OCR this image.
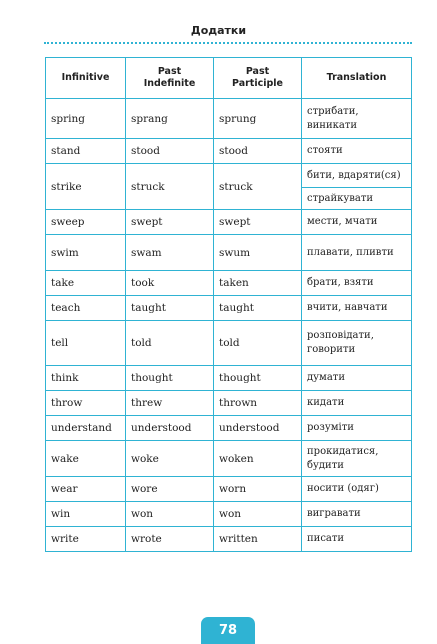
Додатки
Infinitive	Past Indefinite	Past Participle	Translation
spring	sprang	sprung	стрибати, виникати
stand	stood	stood	стояти
strike	struck	struck	бити, вдаряти(ся)
			страйкувати
sweep	swept	swept	мести, мчати
swim	swam	swum	плавати, пливти
take	took	taken	брати, взяти
teach	taught	taught	вчити, навчати
tell	told	told	розповідати, говорити
think	thought	thought	думати
throw	threw	thrown	кидати
understand	understood	understood	розуміти
wake	woke	woken	прокидатися, будити
wear	wore	worn	носити (одяг)
win	won	won	вигравати
write	wrote	written	писати
78
